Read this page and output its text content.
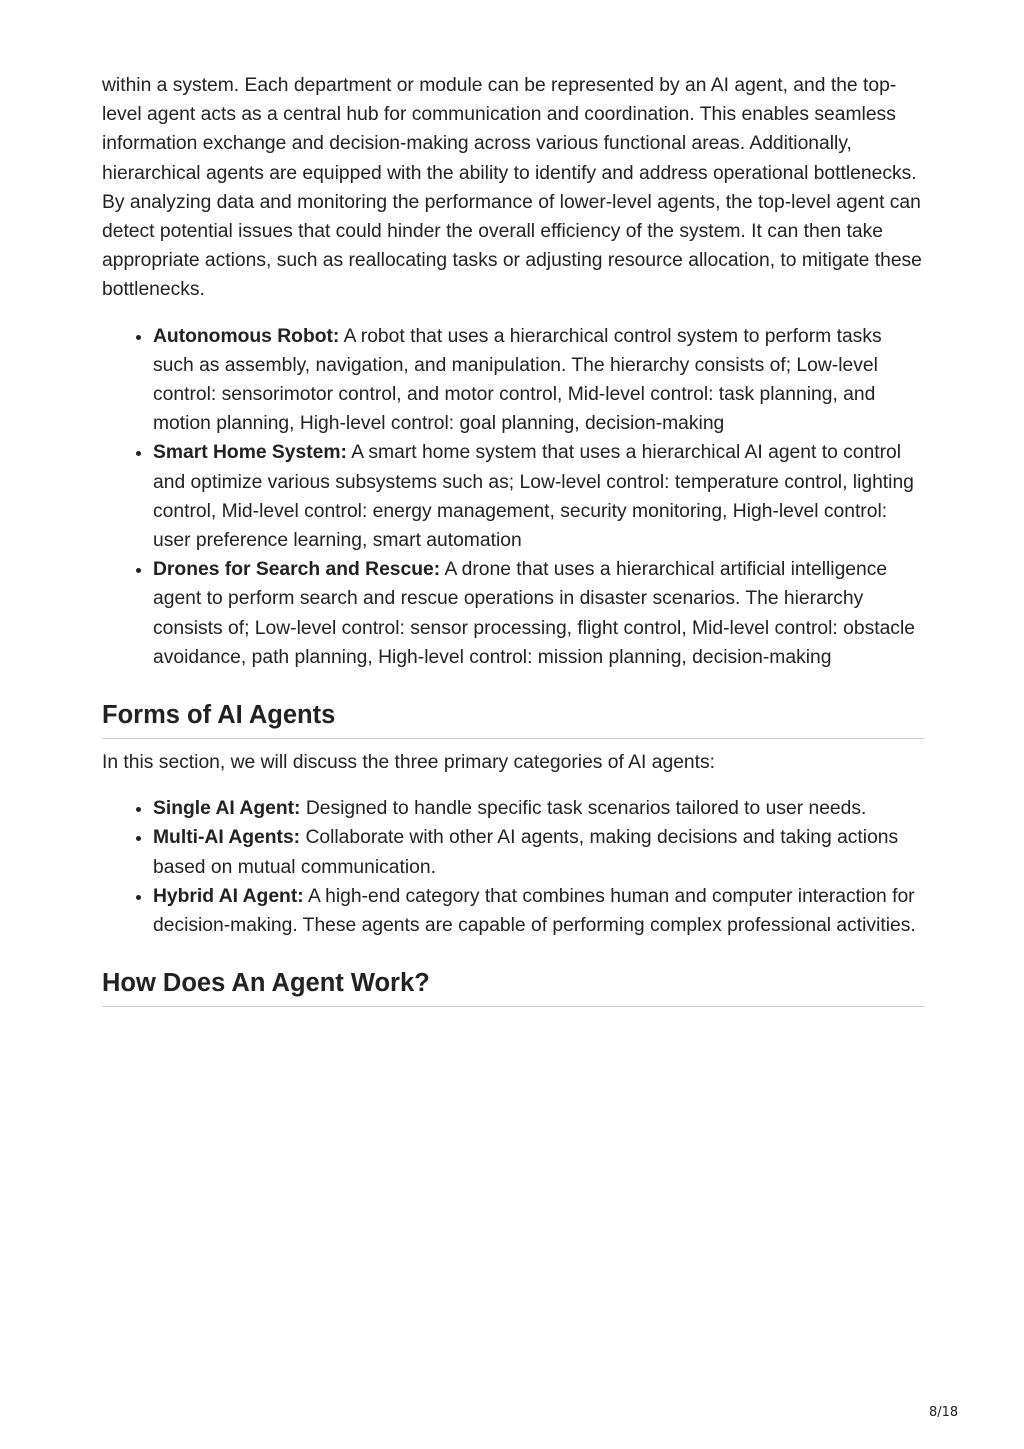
within a system. Each department or module can be represented by an AI agent, and the top-level agent acts as a central hub for communication and coordination. This enables seamless information exchange and decision-making across various functional areas. Additionally, hierarchical agents are equipped with the ability to identify and address operational bottlenecks. By analyzing data and monitoring the performance of lower-level agents, the top-level agent can detect potential issues that could hinder the overall efficiency of the system. It can then take appropriate actions, such as reallocating tasks or adjusting resource allocation, to mitigate these bottlenecks.

• Autonomous Robot: A robot that uses a hierarchical control system to perform tasks such as assembly, navigation, and manipulation. The hierarchy consists of; Low-level control: sensorimotor control, and motor control, Mid-level control: task planning, and motion planning, High-level control: goal planning, decision-making
• Smart Home System: A smart home system that uses a hierarchical AI agent to control and optimize various subsystems such as; Low-level control: temperature control, lighting control, Mid-level control: energy management, security monitoring, High-level control: user preference learning, smart automation
• Drones for Search and Rescue: A drone that uses a hierarchical artificial intelligence agent to perform search and rescue operations in disaster scenarios. The hierarchy consists of; Low-level control: sensor processing, flight control, Mid-level control: obstacle avoidance, path planning, High-level control: mission planning, decision-making
Forms of AI Agents

In this section, we will discuss the three primary categories of AI agents:

• Single AI Agent: Designed to handle specific task scenarios tailored to user needs.
• Multi-AI Agents: Collaborate with other AI agents, making decisions and taking actions based on mutual communication.
• Hybrid AI Agent: A high-end category that combines human and computer interaction for decision-making. These agents are capable of performing complex professional activities.
How Does An Agent Work?
8/18
